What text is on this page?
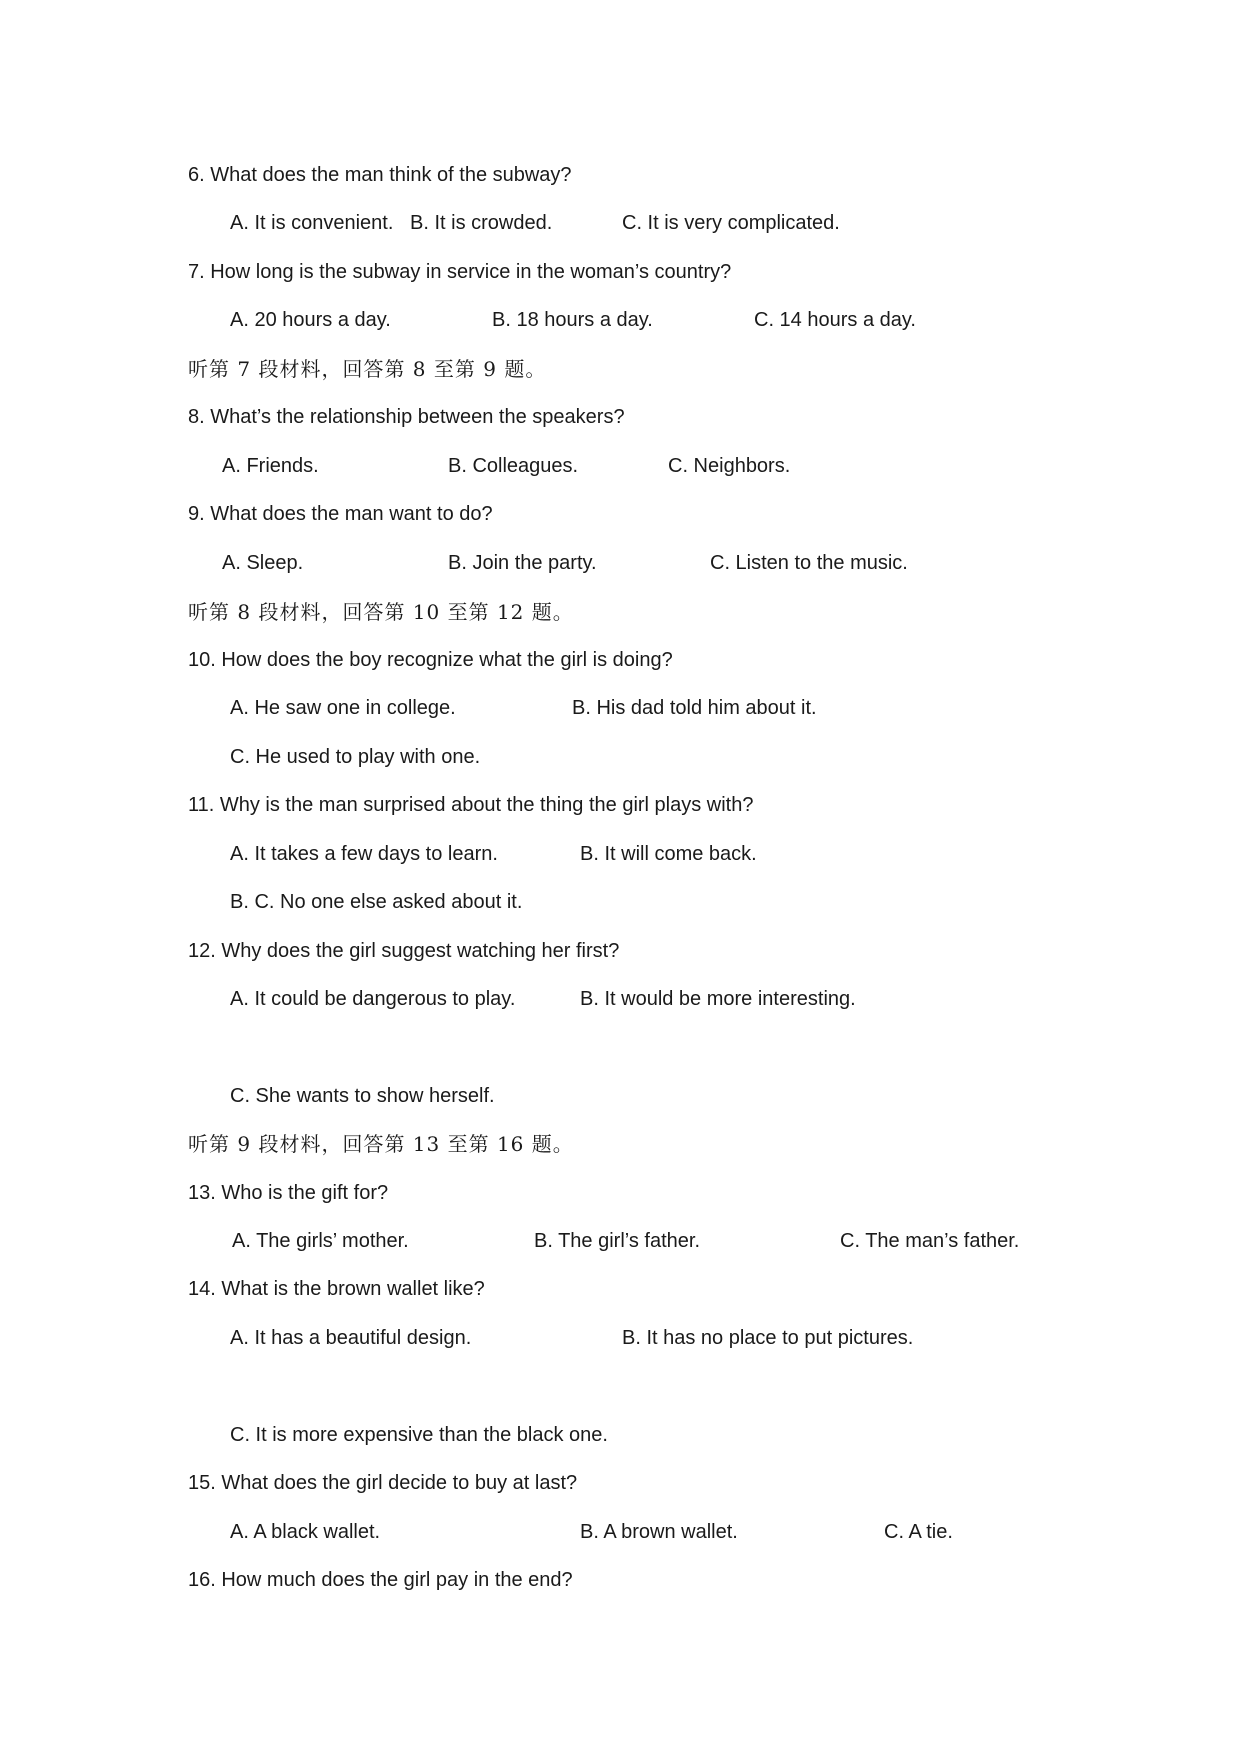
6. What does the man think of the subway?
A. It is convenient. B. It is crowded.	C. It is very complicated.
7. How long is the subway in service in the woman’s country?
A. 20 hours a day.	B. 18 hours a day.	C. 14 hours a day.
听第 7 段材料，回答第 8 至第 9 题。
8. What’s the relationship between the speakers?
A. Friends.	B. Colleagues.	C. Neighbors.
9. What does the man want to do?
A. Sleep.	B. Join the party.	C. Listen to the music.
听第 8 段材料，回答第 10 至第 12 题。
10. How does the boy recognize what the girl is doing?
A. He saw one in college.	B. His dad told him about it.
C. He used to play with one.
11. Why is the man surprised about the thing the girl plays with?
A. It takes a few days to learn.	B. It will come back.
B. C. No one else asked about it.
12. Why does the girl suggest watching her first?
A. It could be dangerous to play.	B. It would be more interesting.
C. She wants to show herself.
听第 9 段材料，回答第 13 至第 16 题。
13. Who is the gift for?
A. The girls’ mother.	B. The girl’s father.	C. The man’s father.
14. What is the brown wallet like?
A. It has a beautiful design.	B. It has no place to put pictures.
C. It is more expensive than the black one.
15. What does the girl decide to buy at last?
A. A black wallet.	B. A brown wallet.	C. A tie.
16. How much does the girl pay in the end?
